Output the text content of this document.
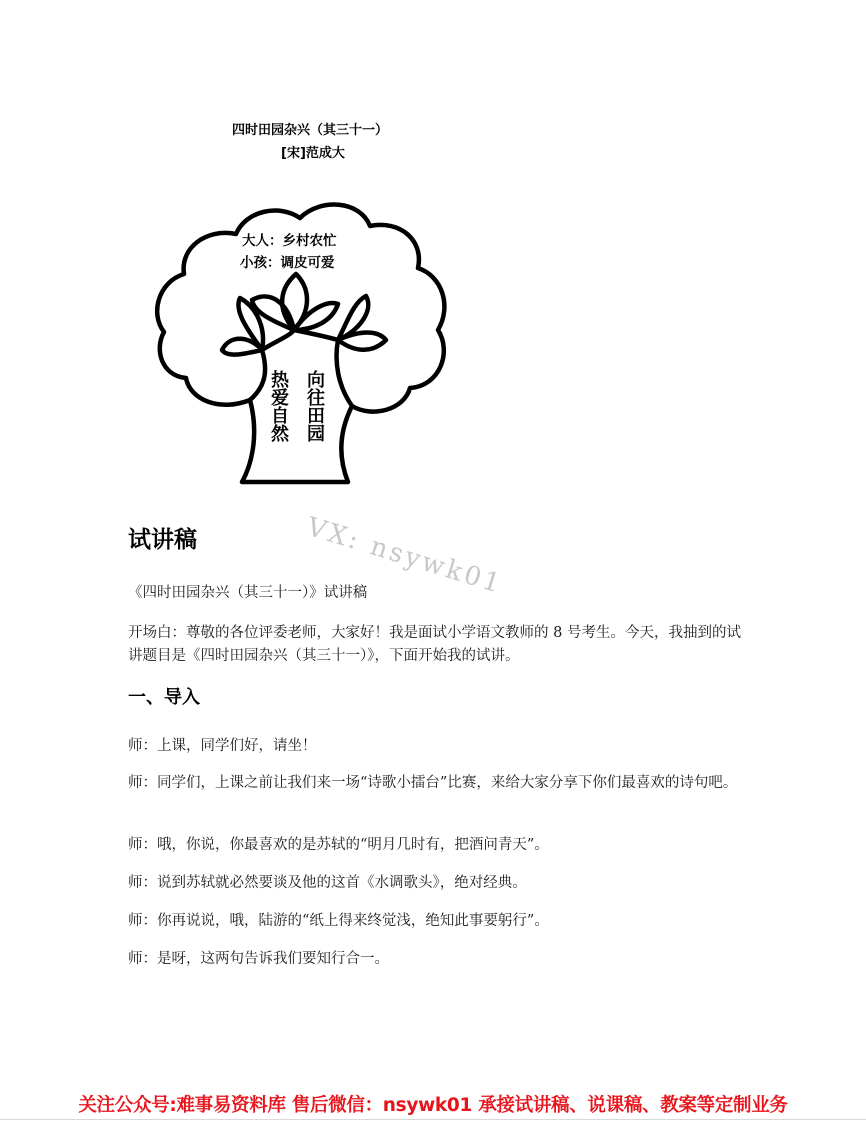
四时田园杂兴（其三十一）
[宋]范成大
大人：乡村农忙
小孩：调皮可爱
热爱自然 向往田园
VX: nsywk01
试讲稿
《四时田园杂兴（其三十一）》试讲稿
开场白：尊敬的各位评委老师，大家好！我是面试小学语文教师的 8 号考生。今天，我抽到的试讲题目是《四时田园杂兴（其三十一）》，下面开始我的试讲。
一、导入
师：上课，同学们好，请坐！
师：同学们，上课之前让我们来一场“诗歌小擂台”比赛，来给大家分享下你们最喜欢的诗句吧。
师：哦，你说，你最喜欢的是苏轼的“明月几时有，把酒问青天”。
师：说到苏轼就必然要谈及他的这首《水调歌头》，绝对经典。
师：你再说说，哦，陆游的“纸上得来终觉浅，绝知此事要躬行”。
师：是呀，这两句告诉我们要知行合一。
关注公众号:难事易资料库 售后微信：nsywk01 承接试讲稿、说课稿、教案等定制业务
